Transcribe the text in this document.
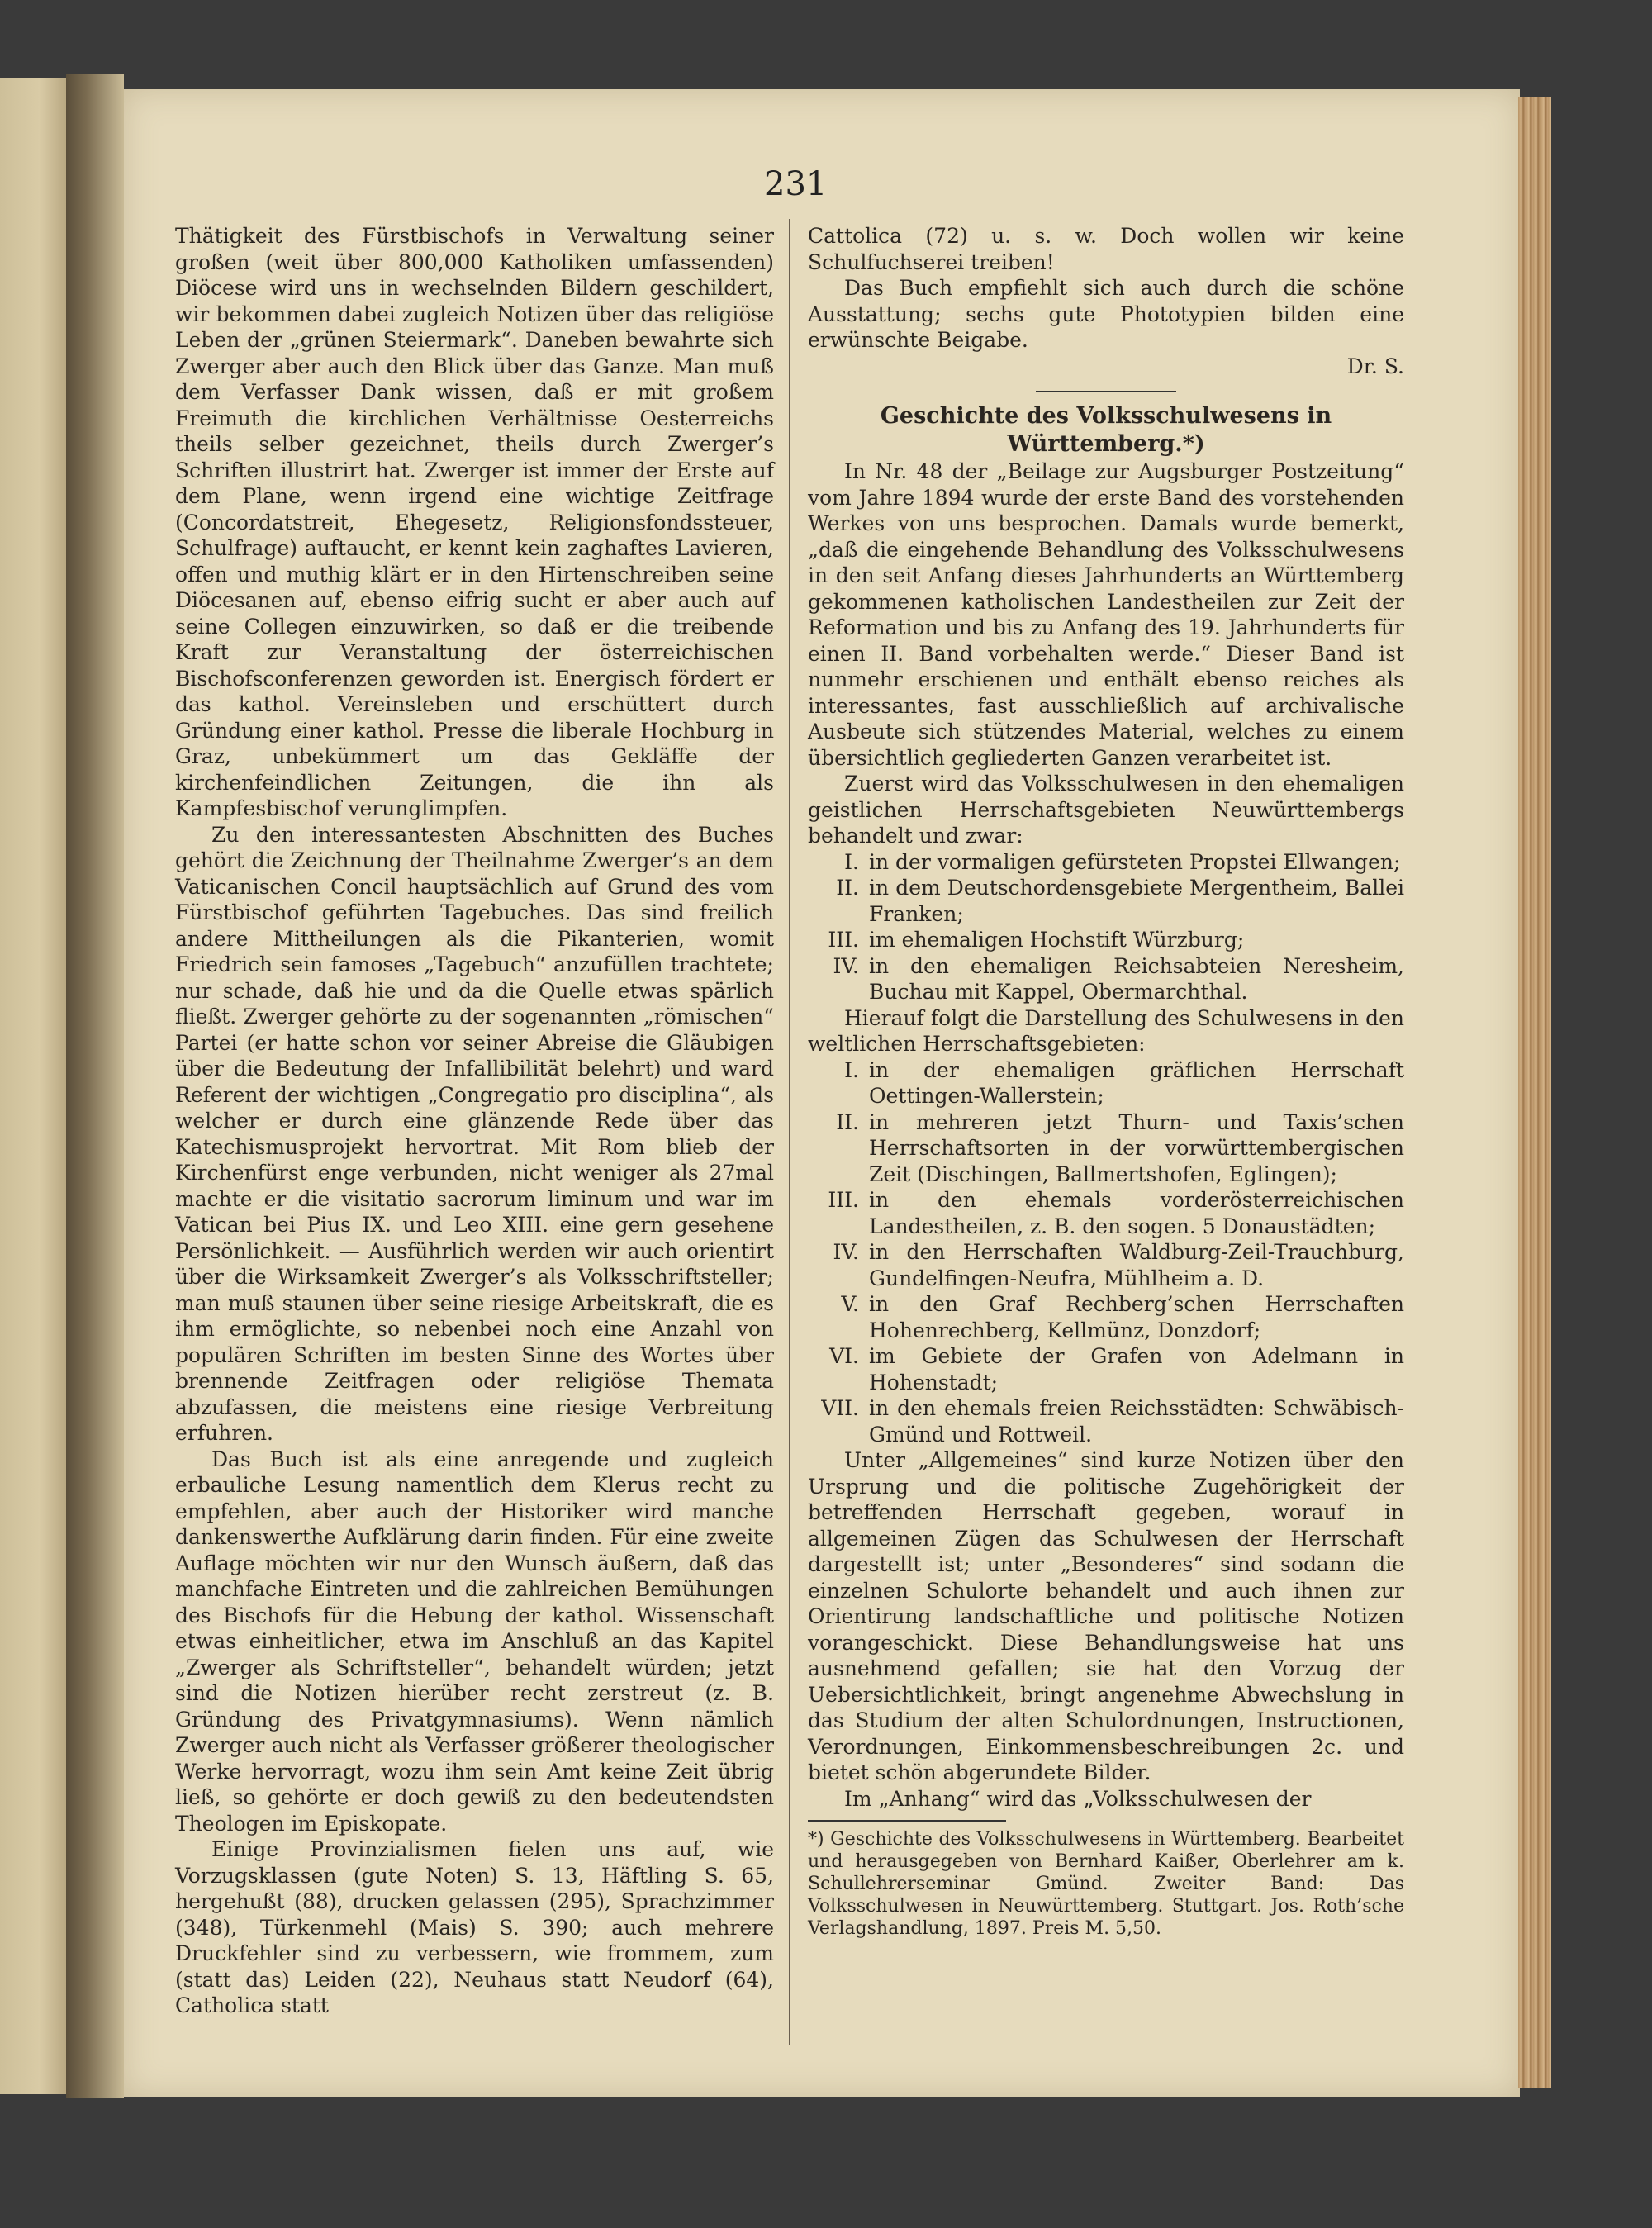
231

Thätigkeit des Fürstbischofs in Verwaltung seiner großen (weit über 800,000 Katholiken umfassenden) Diöcese wird uns in wechselnden Bildern geschildert, wir bekommen dabei zugleich Notizen über das religiöse Leben der „grünen Steiermark“. Daneben bewahrte sich Zwerger aber auch den Blick über das Ganze. Man muß dem Verfasser Dank wissen, daß er mit großem Freimuth die kirchlichen Verhältnisse Oesterreichs theils selber gezeichnet, theils durch Zwerger’s Schriften illustrirt hat. Zwerger ist immer der Erste auf dem Plane, wenn irgend eine wichtige Zeitfrage (Concordatstreit, Ehegesetz, Religionsfondssteuer, Schulfrage) auftaucht, er kennt kein zaghaftes Lavieren, offen und muthig klärt er in den Hirtenschreiben seine Diöcesanen auf, ebenso eifrig sucht er aber auch auf seine Collegen einzuwirken, so daß er die treibende Kraft zur Veranstaltung der österreichischen Bischofsconferenzen geworden ist. Energisch fördert er das kathol. Vereinsleben und erschüttert durch Gründung einer kathol. Presse die liberale Hochburg in Graz, unbekümmert um das Gekläffe der kirchenfeindlichen Zeitungen, die ihn als Kampfesbischof verunglimpfen.

Zu den interessantesten Abschnitten des Buches gehört die Zeichnung der Theilnahme Zwerger’s an dem Vaticanischen Concil hauptsächlich auf Grund des vom Fürstbischof geführten Tagebuches. Das sind freilich andere Mittheilungen als die Pikanterien, womit Friedrich sein famoses „Tagebuch“ anzufüllen trachtete; nur schade, daß hie und da die Quelle etwas spärlich fließt. Zwerger gehörte zu der sogenannten „römischen“ Partei (er hatte schon vor seiner Abreise die Gläubigen über die Bedeutung der Infallibilität belehrt) und ward Referent der wichtigen „Congregatio pro disciplina“, als welcher er durch eine glänzende Rede über das Katechismusprojekt hervortrat. Mit Rom blieb der Kirchenfürst enge verbunden, nicht weniger als 27mal machte er die visitatio sacrorum liminum und war im Vatican bei Pius IX. und Leo XIII. eine gern gesehene Persönlichkeit. — Ausführlich werden wir auch orientirt über die Wirksamkeit Zwerger’s als Volksschriftsteller; man muß staunen über seine riesige Arbeitskraft, die es ihm ermöglichte, so nebenbei noch eine Anzahl von populären Schriften im besten Sinne des Wortes über brennende Zeitfragen oder religiöse Themata abzufassen, die meistens eine riesige Verbreitung erfuhren.

Das Buch ist als eine anregende und zugleich erbauliche Lesung namentlich dem Klerus recht zu empfehlen, aber auch der Historiker wird manche dankenswerthe Aufklärung darin finden. Für eine zweite Auflage möchten wir nur den Wunsch äußern, daß das manchfache Eintreten und die zahlreichen Bemühungen des Bischofs für die Hebung der kathol. Wissenschaft etwas einheitlicher, etwa im Anschluß an das Kapitel „Zwerger als Schriftsteller“, behandelt würden; jetzt sind die Notizen hierüber recht zerstreut (z. B. Gründung des Privatgymnasiums). Wenn nämlich Zwerger auch nicht als Verfasser größerer theologischer Werke hervorragt, wozu ihm sein Amt keine Zeit übrig ließ, so gehörte er doch gewiß zu den bedeutendsten Theologen im Episkopate.

Einige Provinzialismen fielen uns auf, wie Vorzugsklassen (gute Noten) S. 13, Häftling S. 65, hergehußt (88), drucken gelassen (295), Sprachzimmer (348), Türkenmehl (Mais) S. 390; auch mehrere Druckfehler sind zu verbessern, wie frommem, zum (statt das) Leiden (22), Neuhaus statt Neudorf (64), Catholica statt

Cattolica (72) u. s. w. Doch wollen wir keine Schulfuchserei treiben!

Das Buch empfiehlt sich auch durch die schöne Ausstattung; sechs gute Phototypien bilden eine erwünschte Beigabe.

Dr. S.

Geschichte des Volksschulwesens in Württemberg.*)

In Nr. 48 der „Beilage zur Augsburger Postzeitung“ vom Jahre 1894 wurde der erste Band des vorstehenden Werkes von uns besprochen. Damals wurde bemerkt, „daß die eingehende Behandlung des Volksschulwesens in den seit Anfang dieses Jahrhunderts an Württemberg gekommenen katholischen Landestheilen zur Zeit der Reformation und bis zu Anfang des 19. Jahrhunderts für einen II. Band vorbehalten werde.“ Dieser Band ist nunmehr erschienen und enthält ebenso reiches als interessantes, fast ausschließlich auf archivalische Ausbeute sich stützendes Material, welches zu einem übersichtlich gegliederten Ganzen verarbeitet ist.

Zuerst wird das Volksschulwesen in den ehemaligen geistlichen Herrschaftsgebieten Neuwürttembergs behandelt und zwar:

I. in der vormaligen gefürsteten Propstei Ellwangen;
II. in dem Deutschordensgebiete Mergentheim, Ballei Franken;
III. im ehemaligen Hochstift Würzburg;
IV. in den ehemaligen Reichsabteien Neresheim, Buchau mit Kappel, Obermarchthal.

Hierauf folgt die Darstellung des Schulwesens in den weltlichen Herrschaftsgebieten:

I. in der ehemaligen gräflichen Herrschaft Oettingen-Wallerstein;
II. in mehreren jetzt Thurn- und Taxis’schen Herrschaftsorten in der vorwürttembergischen Zeit (Dischingen, Ballmertshofen, Eglingen);
III. in den ehemals vorderösterreichischen Landestheilen, z. B. den sogen. 5 Donaustädten;
IV. in den Herrschaften Waldburg-Zeil-Trauchburg, Gundelfingen-Neufra, Mühlheim a. D.
V. in den Graf Rechberg’schen Herrschaften Hohenrechberg, Kellmünz, Donzdorf;
VI. im Gebiete der Grafen von Adelmann in Hohenstadt;
VII. in den ehemals freien Reichsstädten: Schwäbisch-Gmünd und Rottweil.

Unter „Allgemeines“ sind kurze Notizen über den Ursprung und die politische Zugehörigkeit der betreffenden Herrschaft gegeben, worauf in allgemeinen Zügen das Schulwesen der Herrschaft dargestellt ist; unter „Besonderes“ sind sodann die einzelnen Schulorte behandelt und auch ihnen zur Orientirung landschaftliche und politische Notizen vorangeschickt. Diese Behandlungsweise hat uns ausnehmend gefallen; sie hat den Vorzug der Uebersichtlichkeit, bringt angenehme Abwechslung in das Studium der alten Schulordnungen, Instructionen, Verordnungen, Einkommensbeschreibungen 2c. und bietet schön abgerundete Bilder.

Im „Anhang“ wird das „Volksschulwesen der

*) Geschichte des Volksschulwesens in Württemberg. Bearbeitet und herausgegeben von Bernhard Kaißer, Oberlehrer am k. Schullehrerseminar Gmünd. Zweiter Band: Das Volksschulwesen in Neuwürttemberg. Stuttgart. Jos. Roth’sche Verlagshandlung, 1897. Preis M. 5,50.
